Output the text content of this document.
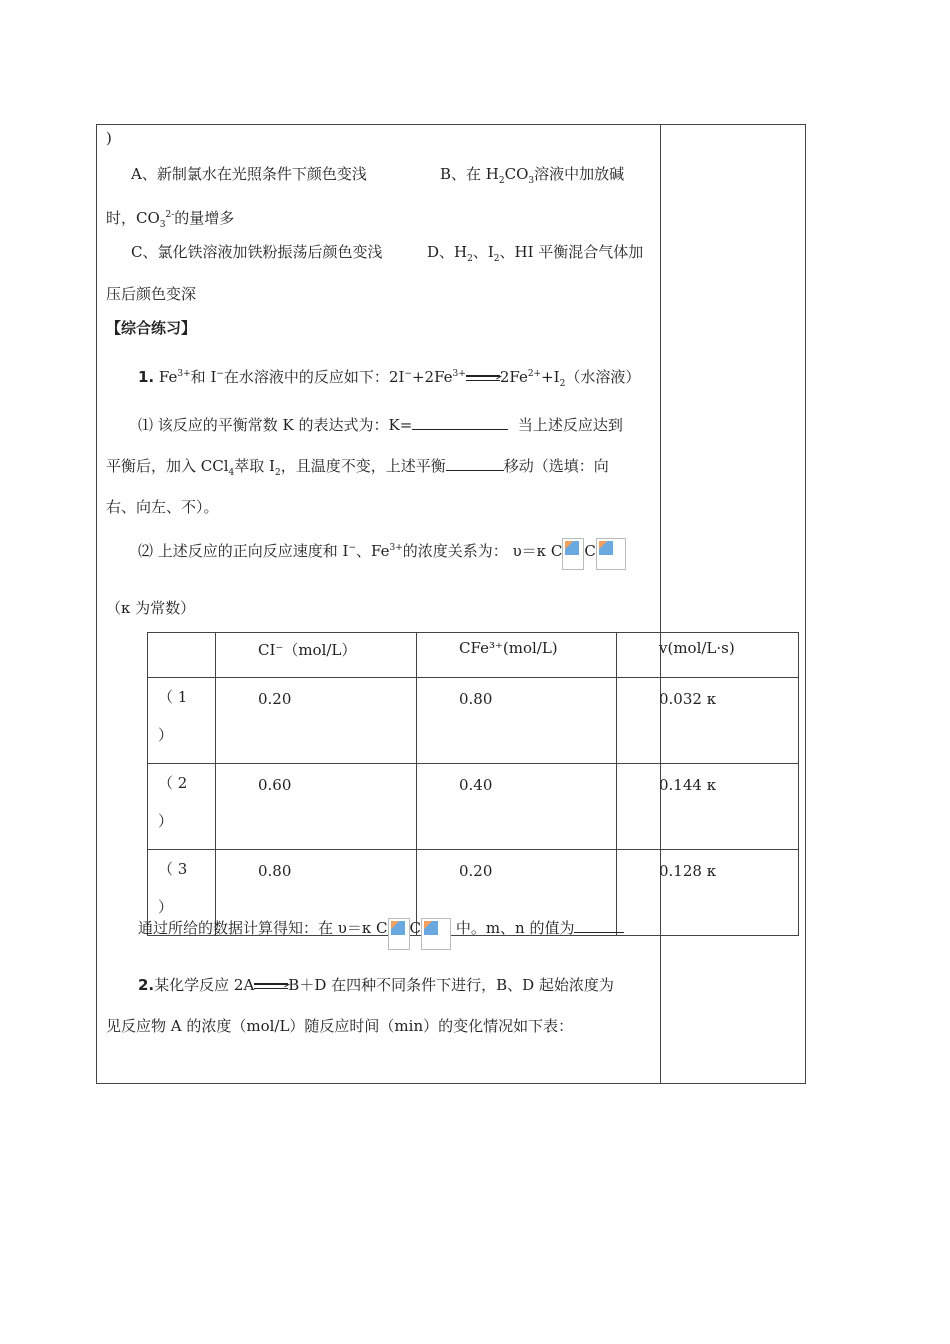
)
A、新制氯水在光照条件下颜色变浅	B、在 $H_2CO_3$溶液中加放碱
时，$CO_3^{2-}$的量增多
C、氯化铁溶液加铁粉振荡后颜色变浅	D、$H_2$、$I_2$、HI 平衡混合气体加
压后颜色变深
【综合练习】
1. $Fe^{3+}$和 I−在水溶液中的反应如下：$2I^-+2Fe^{3+}$ $2Fe^{2+}+I_2$（水溶液）
⑴ 该反应的平衡常数 K 的表达式为：K=	当上述反应达到
平衡后，加入 CCl$_4$萃取 $I_2$，且温度不变，上述平衡	移动（选填：向
右、向左、不）。
⑵ 上述反应的正向反应速度和 I−、$Fe^{3+}$的浓度关系为： υ＝κ C C
（κ 为常数）
	CI⁻（mol/L）	CFe³⁺(mol/L)	v(mol/L·s)
（ 1
）	0.20	0.80	0.032 κ
（ 2
）	0.60	0.40	0.144 κ
（ 3
）	0.80	0.20	0.128 κ
通过所给的数据计算得知：在 υ＝κ C C 中。m、n 的值为
2.某化学反应 2A B＋D 在四种不同条件下进行，B、D 起始浓度为
见反应物 A 的浓度（mol/L）随反应时间（min）的变化情况如下表：
